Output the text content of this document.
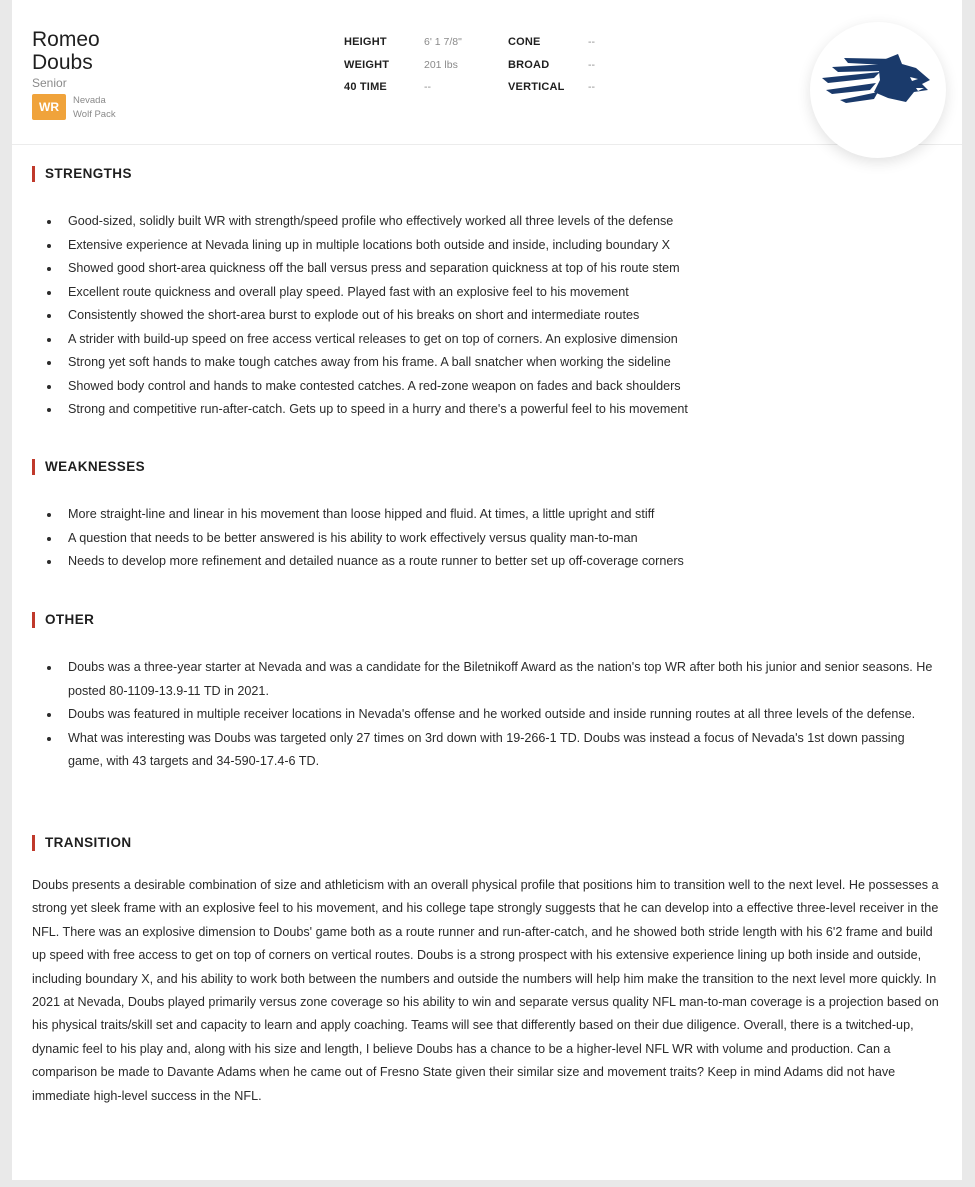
Romeo
Doubs
Senior
WR	Nevada
Wolf Pack
HEIGHT	6' 1 7/8"	CONE	--
WEIGHT	201 lbs	BROAD	--
40 TIME	--	VERTICAL	--
STRENGTHS
Good-sized, solidly built WR with strength/speed profile who effectively worked all three levels of the defense
Extensive experience at Nevada lining up in multiple locations both outside and inside, including boundary X
Showed good short-area quickness off the ball versus press and separation quickness at top of his route stem
Excellent route quickness and overall play speed. Played fast with an explosive feel to his movement
Consistently showed the short-area burst to explode out of his breaks on short and intermediate routes
A strider with build-up speed on free access vertical releases to get on top of corners. An explosive dimension
Strong yet soft hands to make tough catches away from his frame. A ball snatcher when working the sideline
Showed body control and hands to make contested catches. A red-zone weapon on fades and back shoulders
Strong and competitive run-after-catch. Gets up to speed in a hurry and there's a powerful feel to his movement
WEAKNESSES
More straight-line and linear in his movement than loose hipped and fluid. At times, a little upright and stiff
A question that needs to be better answered is his ability to work effectively versus quality man-to-man
Needs to develop more refinement and detailed nuance as a route runner to better set up off-coverage corners
OTHER
Doubs was a three-year starter at Nevada and was a candidate for the Biletnikoff Award as the nation's top WR after both his junior and senior seasons. He posted 80-1109-13.9-11 TD in 2021.
Doubs was featured in multiple receiver locations in Nevada's offense and he worked outside and inside running routes at all three levels of the defense.
What was interesting was Doubs was targeted only 27 times on 3rd down with 19-266-1 TD. Doubs was instead a focus of Nevada's 1st down passing game, with 43 targets and 34-590-17.4-6 TD.
TRANSITION
Doubs presents a desirable combination of size and athleticism with an overall physical profile that positions him to transition well to the next level. He possesses a strong yet sleek frame with an explosive feel to his movement, and his college tape strongly suggests that he can develop into a effective three-level receiver in the NFL. There was an explosive dimension to Doubs' game both as a route runner and run-after-catch, and he showed both stride length with his 6'2 frame and build up speed with free access to get on top of corners on vertical routes. Doubs is a strong prospect with his extensive experience lining up both inside and outside, including boundary X, and his ability to work both between the numbers and outside the numbers will help him make the transition to the next level more quickly. In 2021 at Nevada, Doubs played primarily versus zone coverage so his ability to win and separate versus quality NFL man-to-man coverage is a projection based on his physical traits/skill set and capacity to learn and apply coaching. Teams will see that differently based on their due diligence. Overall, there is a twitched-up, dynamic feel to his play and, along with his size and length, I believe Doubs has a chance to be a higher-level NFL WR with volume and production. Can a comparison be made to Davante Adams when he came out of Fresno State given their similar size and movement traits? Keep in mind Adams did not have immediate high-level success in the NFL.
